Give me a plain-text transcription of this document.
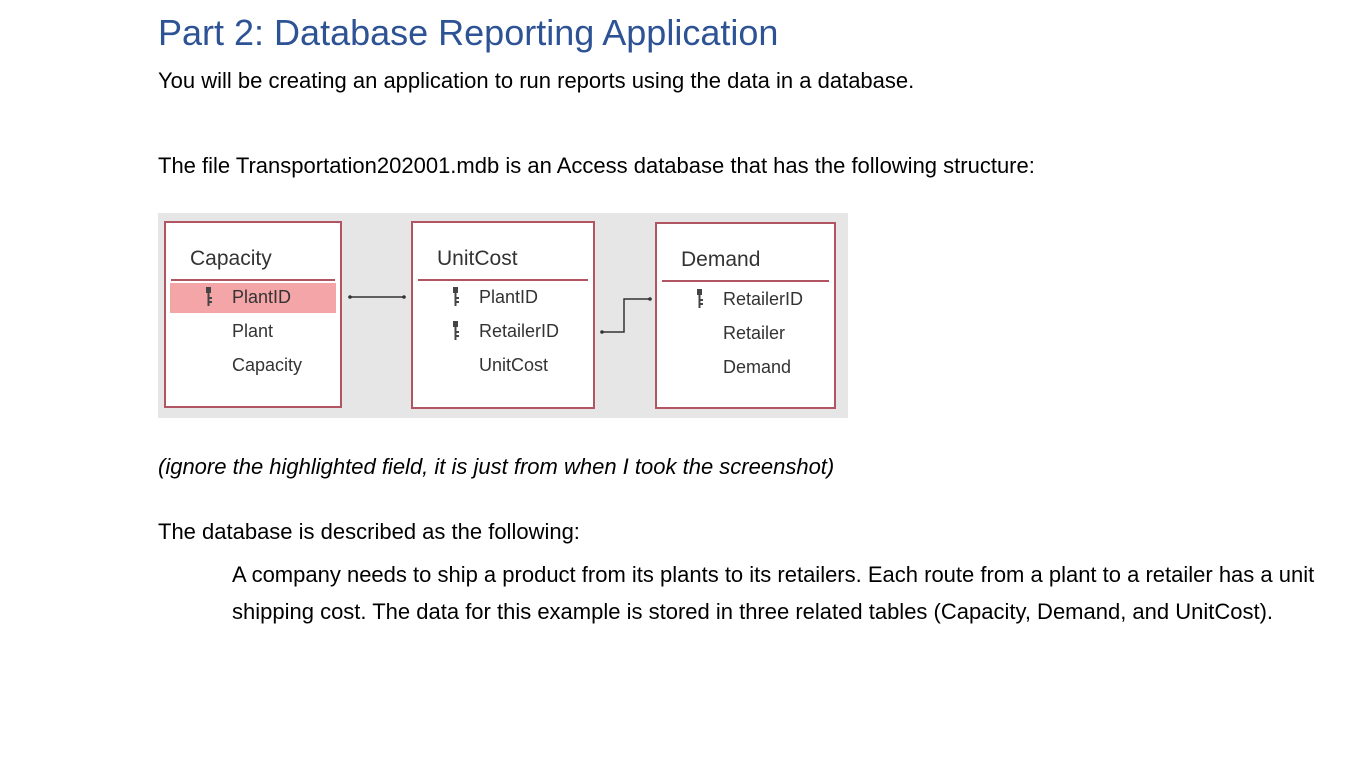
Part 2: Database Reporting Application

You will be creating an application to run reports using the data in a database.

The file Transportation202001.mdb is an Access database that has the following structure:

Capacity
PlantID
Plant
Capacity
UnitCost
PlantID
RetailerID
UnitCost
Demand
RetailerID
Retailer
Demand

(ignore the highlighted field, it is just from when I took the screenshot)

The database is described as the following:

A company needs to ship a product from its plants to its retailers. Each route from a plant to a retailer has a unit shipping cost. The data for this example is stored in three related tables (Capacity, Demand, and UnitCost).
